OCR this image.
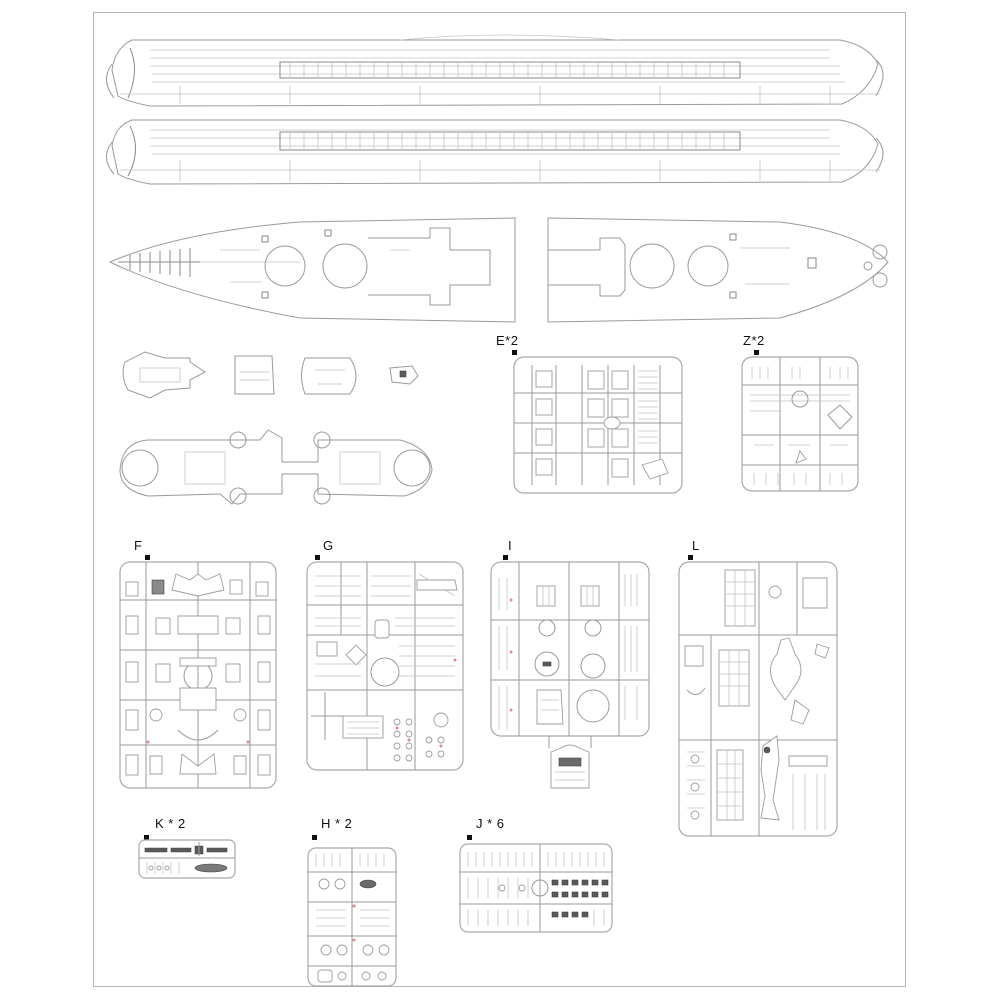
E*2	Z*2
F	G	I	L
K * 2	H * 2	J * 6
